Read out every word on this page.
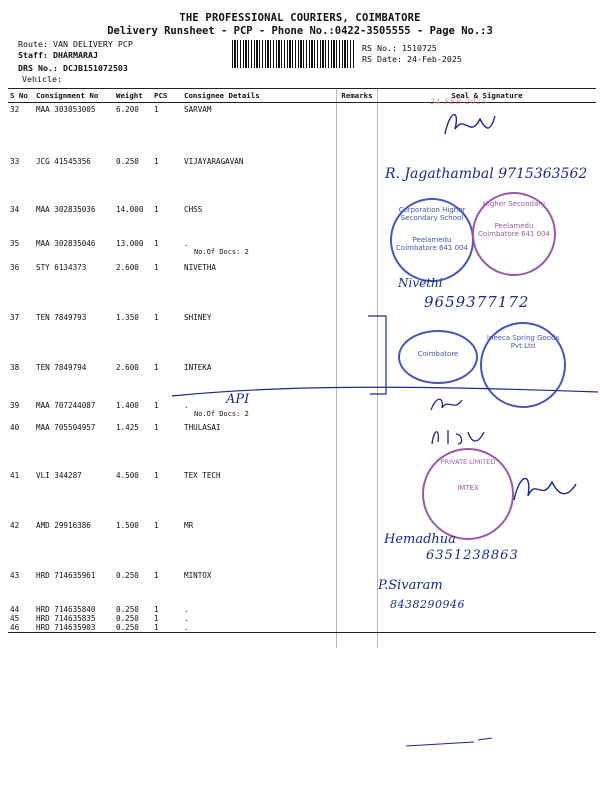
THE PROFESSIONAL COURIERS, COIMBATORE
Delivery Runsheet - PCP - Phone No.:0422-3505555 - Page No.:3
Route: VAN DELIVERY PCP
Staff: DHARMARAJ
DRS No.: DCJB151072503
Vehicle:
RS No.: 1510725
RS Date: 24-Feb-2025
S No	Consignment No	Weight	PCS	Consignee Details	Remarks	Seal & Signature
32	MAA 303053005	6.200	1	SARVAM		
33	JCG 41545356	0.250	1	VIJAYARAGAVAN		
34	MAA 302835036	14.000	1	CHSS		
35	MAA 302835046	13.000	1	.
No.Of Docs: 2		

36	STY 6134373	2.600	1	NIVETHA		
37	TEN 7849793	1.350	1	SHINEY		
38	TEN 7849794	2.600	1	INTEKA		
39	MAA 707244087	1.400	1	.
No.Of Docs: 2		

40	MAA 705504957	1.425	1	THULASAI		
41	VLI 344287	4.500	1	TEX TECH		
42	AMD 29916386	1.500	1	MR		
43	HRD 714635961	0.250	1	MINTOX		
44	HRD 714635840	0.250	1	.		
45	HRD 714635835	0.250	1	.		
46	HRD 714635903	0.250	1	.		
24 FEB 2025
R. Jagathambal 9715363562
Corporation Higher Secondary School
Peelamedu Coimbatore 641 004
Higher Secondary
Peelamedu Coimbatore 641 004
Nivethi
9659377172
Coimbatore
Ineeca Spring Goods Pvt Ltd
API
PRIVATE LIMITED
IMTEX
Hemadhua
6351238863
P.Sivaram
8438290946
